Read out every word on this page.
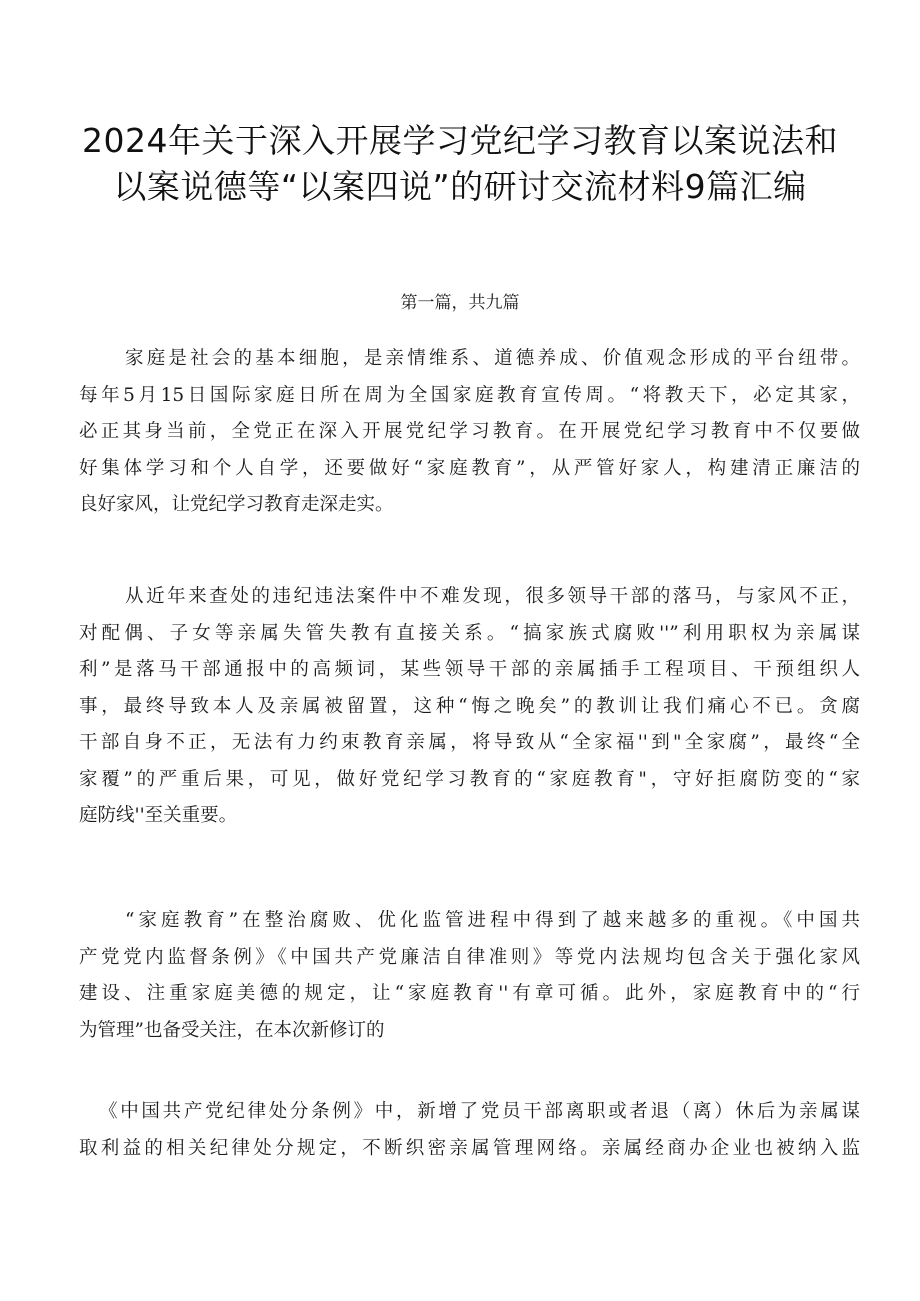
2024年关于深入开展学习党纪学习教育以案说法和
以案说德等“以案四说”的研讨交流材料9篇汇编
第一篇，共九篇
家庭是社会的基本细胞，是亲情维系、道德养成、价值观念形成的平台纽带。
每年5月15日国际家庭日所在周为全国家庭教育宣传周。“将教天下，必定其家，
必正其身当前，全党正在深入开展党纪学习教育。在开展党纪学习教育中不仅要做
好集体学习和个人自学，还要做好“家庭教育”，从严管好家人，构建清正廉洁的
良好家风，让党纪学习教育走深走实。
从近年来查处的违纪违法案件中不难发现，很多领导干部的落马，与家风不正，
对配偶、子女等亲属失管失教有直接关系。“搞家族式腐败''”利用职权为亲属谋
利”是落马干部通报中的高频词，某些领导干部的亲属插手工程项目、干预组织人
事，最终导致本人及亲属被留置，这种“悔之晚矣”的教训让我们痛心不已。贪腐
干部自身不正，无法有力约束教育亲属，将导致从“全家福''到"全家腐”，最终“全
家覆”的严重后果，可见，做好党纪学习教育的“家庭教育"，守好拒腐防变的“家
庭防线''至关重要。
“家庭教育”在整治腐败、优化监管进程中得到了越来越多的重视。《中国共
产党党内监督条例》《中国共产党廉洁自律准则》等党内法规均包含关于强化家风
建设、注重家庭美德的规定，让“家庭教育''有章可循。此外，家庭教育中的“行
为管理”也备受关注，在本次新修订的
《中国共产党纪律处分条例》中，新增了党员干部离职或者退（离）休后为亲属谋
取利益的相关纪律处分规定，不断织密亲属管理网络。亲属经商办企业也被纳入监
